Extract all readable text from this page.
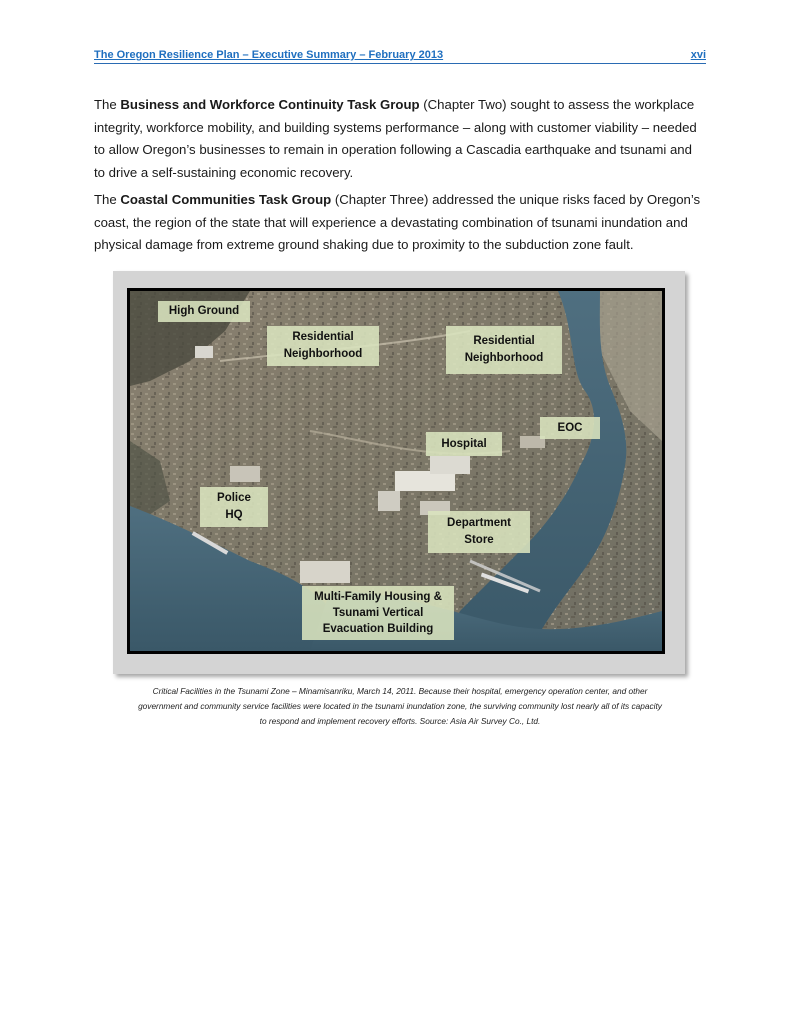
The Oregon Resilience Plan – Executive Summary – February 2013	xvi

The Business and Workforce Continuity Task Group (Chapter Two) sought to assess the workplace integrity, workforce mobility, and building systems performance – along with customer viability – needed to allow Oregon’s businesses to remain in operation following a Cascadia earthquake and tsunami and to drive a self-sustaining economic recovery.

The Coastal Communities Task Group (Chapter Three) addressed the unique risks faced by Oregon’s coast, the region of the state that will experience a devastating combination of tsunami inundation and physical damage from extreme ground shaking due to proximity to the subduction zone fault.

High Ground
Residential
Neighborhood
Residential
Neighborhood
EOC
Hospital
Police
HQ
Department
Store
Multi-Family Housing &
Tsunami Vertical
Evacuation Building
Critical Facilities in the Tsunami Zone – Minamisanriku, March 14, 2011. Because their hospital, emergency operation center, and other
government and community service facilities were located in the tsunami inundation zone, the surviving community lost nearly all of its capacity
to respond and implement recovery efforts. Source: Asia Air Survey Co., Ltd.
